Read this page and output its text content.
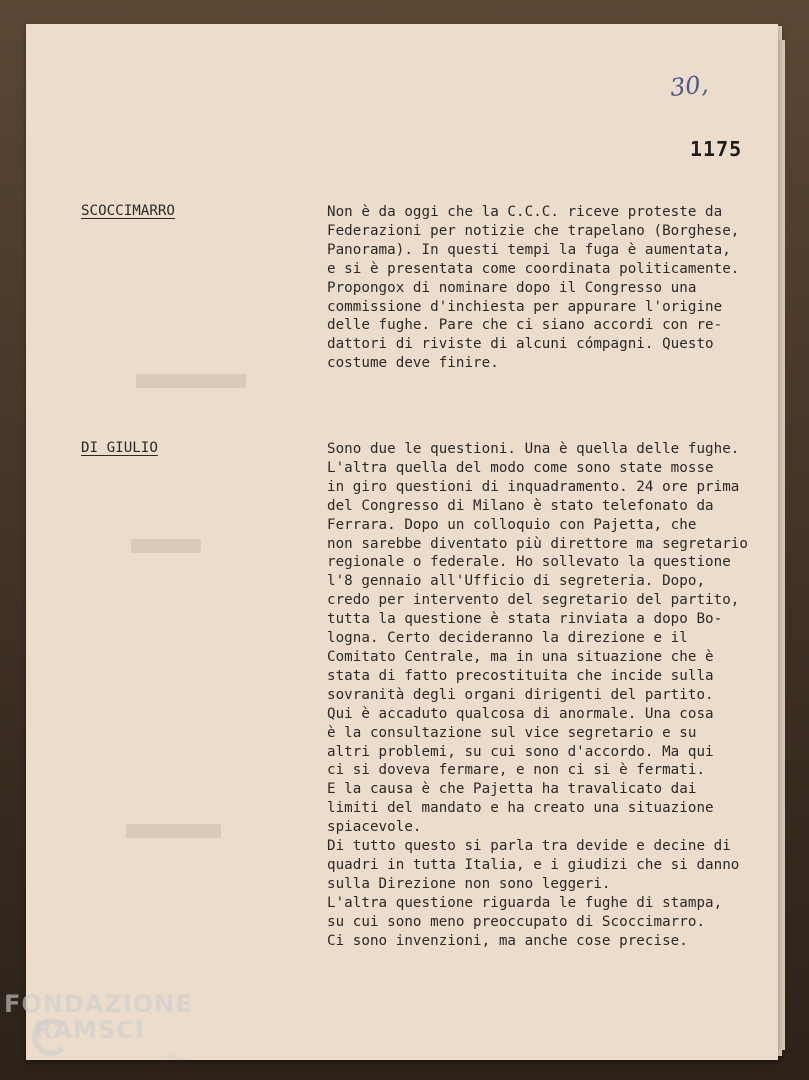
30,
1175
SCOCCIMARRO	Non è da oggi che la C.C.C. riceve proteste da
Federazioni per notizie che trapelano (Borghese,
Panorama). In questi tempi la fuga è aumentata,
e si è presentata come coordinata politicamente.
Propongox di nominare dopo il Congresso una
commissione d'inchiesta per appurare l'origine
delle fughe. Pare che ci siano accordi con re-
dattori di riviste di alcuni cómpagni. Questo
costume deve finire.
DI GIULIO	Sono due le questioni. Una è quella delle fughe.
L'altra quella del modo come sono state mosse
in giro questioni di inquadramento. 24 ore prima
del Congresso di Milano è stato telefonato da
Ferrara. Dopo un colloquio con Pajetta, che
non sarebbe diventato più direttore ma segretario
regionale o federale. Ho sollevato la questione
l'8 gennaio all'Ufficio di segreteria. Dopo,
credo per intervento del segretario del partito,
tutta la questione è stata rinviata a dopo Bo-
logna. Certo decideranno la direzione e il
Comitato Centrale, ma in una situazione che è
stata di fatto precostituita che incide sulla
sovranità degli organi dirigenti del partito.
Qui è accaduto qualcosa di anormale. Una cosa
è la consultazione sul vice segretario e su
altri problemi, su cui sono d'accordo. Ma qui
ci si doveva fermare, e non ci si è fermati.
E la causa è che Pajetta ha travalicato dai
limiti del mandato e ha creato una situazione
spiacevole.
Di tutto questo si parla tra devide e decine di
quadri in tutta Italia, e i giudizi che si danno
sulla Direzione non sono leggeri.
L'altra questione riguarda le fughe di stampa,
su cui sono meno preoccupato di Scoccimarro.
Ci sono invenzioni, ma anche cose precise.
FONDAZIONE
RAMSCI
onlus
